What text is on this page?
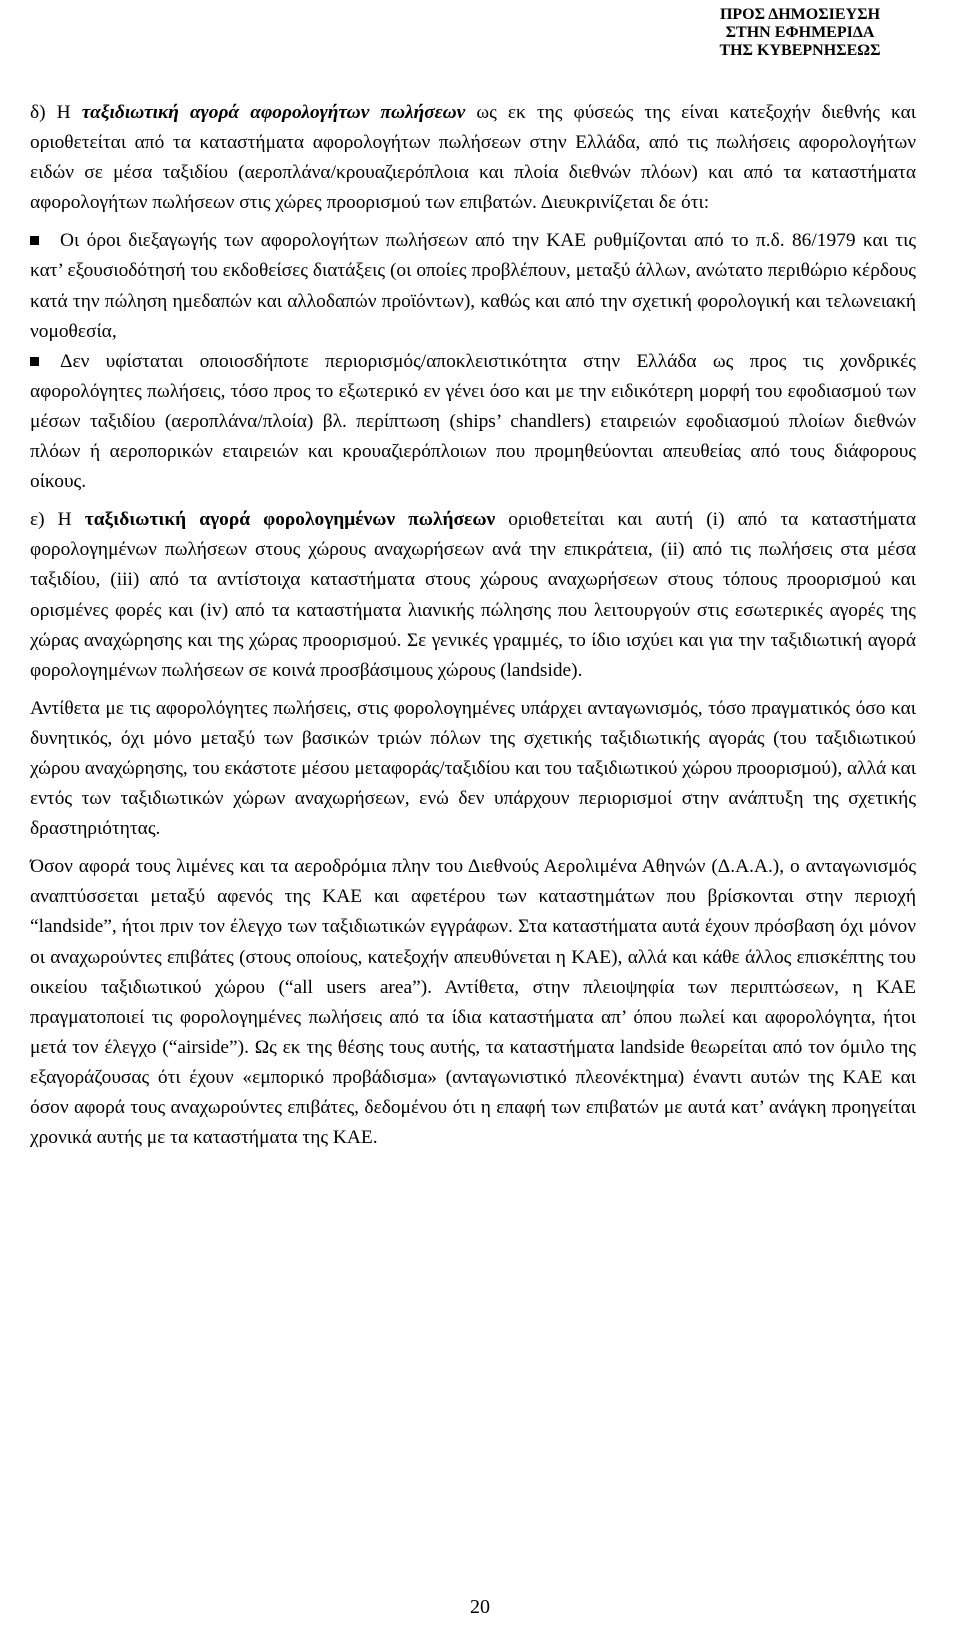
ΠΡΟΣ ΔΗΜΟΣΙΕΥΣΗ
ΣΤΗΝ ΕΦΗΜΕΡΙΔΑ
ΤΗΣ ΚΥΒΕΡΝΗΣΕΩΣ

δ) Η ταξιδιωτική αγορά αφορολογήτων πωλήσεων ως εκ της φύσεώς της είναι κατεξοχήν διεθνής και οριοθετείται από τα καταστήματα αφορολογήτων πωλήσεων στην Ελλάδα, από τις πωλήσεις αφορολογήτων ειδών σε μέσα ταξιδίου (αεροπλάνα/κρουαζιερόπλοια και πλοία διεθνών πλόων) και από τα καταστήματα αφορολογήτων πωλήσεων στις χώρες προορισμού των επιβατών. Διευκρινίζεται δε ότι:

Οι όροι διεξαγωγής των αφορολογήτων πωλήσεων από την ΚΑΕ ρυθμίζονται από το π.δ. 86/1979 και τις κατ’ εξουσιοδότησή του εκδοθείσες διατάξεις (οι οποίες προβλέπουν, μεταξύ άλλων, ανώτατο περιθώριο κέρδους κατά την πώληση ημεδαπών και αλλοδαπών προϊόντων), καθώς και από την σχετική φορολογική και τελωνειακή νομοθεσία,
Δεν υφίσταται οποιοσδήποτε περιορισμός/αποκλειστικότητα στην Ελλάδα ως προς τις χονδρικές αφορολόγητες πωλήσεις, τόσο προς το εξωτερικό εν γένει όσο και με την ειδικότερη μορφή του εφοδιασμού των μέσων ταξιδίου (αεροπλάνα/πλοία) βλ. περίπτωση (ships’ chandlers) εταιρειών εφοδιασμού πλοίων διεθνών πλόων ή αεροπορικών εταιρειών και κρουαζιερόπλοιων που προμηθεύονται απευθείας από τους διάφορους οίκους.

ε) Η ταξιδιωτική αγορά φορολογημένων πωλήσεων οριοθετείται και αυτή (i) από τα καταστήματα φορολογημένων πωλήσεων στους χώρους αναχωρήσεων ανά την επικράτεια, (ii) από τις πωλήσεις στα μέσα ταξιδίου, (iii) από τα αντίστοιχα καταστήματα στους χώρους αναχωρήσεων στους τόπους προορισμού και ορισμένες φορές και (iv) από τα καταστήματα λιανικής πώλησης που λειτουργούν στις εσωτερικές αγορές της χώρας αναχώρησης και της χώρας προορισμού. Σε γενικές γραμμές, το ίδιο ισχύει και για την ταξιδιωτική αγορά φορολογημένων πωλήσεων σε κοινά προσβάσιμους χώρους (landside).

Αντίθετα με τις αφορολόγητες πωλήσεις, στις φορολογημένες υπάρχει ανταγωνισμός, τόσο πραγματικός όσο και δυνητικός, όχι μόνο μεταξύ των βασικών τριών πόλων της σχετικής ταξιδιωτικής αγοράς (του ταξιδιωτικού χώρου αναχώρησης, του εκάστοτε μέσου μεταφοράς/ταξιδίου και του ταξιδιωτικού χώρου προορισμού), αλλά και εντός των ταξιδιωτικών χώρων αναχωρήσεων, ενώ δεν υπάρχουν περιορισμοί στην ανάπτυξη της σχετικής δραστηριότητας.

Όσον αφορά τους λιμένες και τα αεροδρόμια πλην του Διεθνούς Αερολιμένα Αθηνών (Δ.Α.Α.), ο ανταγωνισμός αναπτύσσεται μεταξύ αφενός της ΚΑΕ και αφετέρου των καταστημάτων που βρίσκονται στην περιοχή “landside”, ήτοι πριν τον έλεγχο των ταξιδιωτικών εγγράφων. Στα καταστήματα αυτά έχουν πρόσβαση όχι μόνον οι αναχωρούντες επιβάτες (στους οποίους, κατεξοχήν απευθύνεται η ΚΑΕ), αλλά και κάθε άλλος επισκέπτης του οικείου ταξιδιωτικού χώρου (“all users area”). Αντίθετα, στην πλειοψηφία των περιπτώσεων, η ΚΑΕ πραγματοποιεί τις φορολογημένες πωλήσεις από τα ίδια καταστήματα απ’ όπου πωλεί και αφορολόγητα, ήτοι μετά τον έλεγχο (“airside”). Ως εκ της θέσης τους αυτής, τα καταστήματα landside θεωρείται από τον όμιλο της εξαγοράζουσας ότι έχουν «εμπορικό προβάδισμα» (ανταγωνιστικό πλεονέκτημα) έναντι αυτών της ΚΑΕ και όσον αφορά τους αναχωρούντες επιβάτες, δεδομένου ότι η επαφή των επιβατών με αυτά κατ’ ανάγκη προηγείται χρονικά αυτής με τα καταστήματα της ΚΑΕ.

20
